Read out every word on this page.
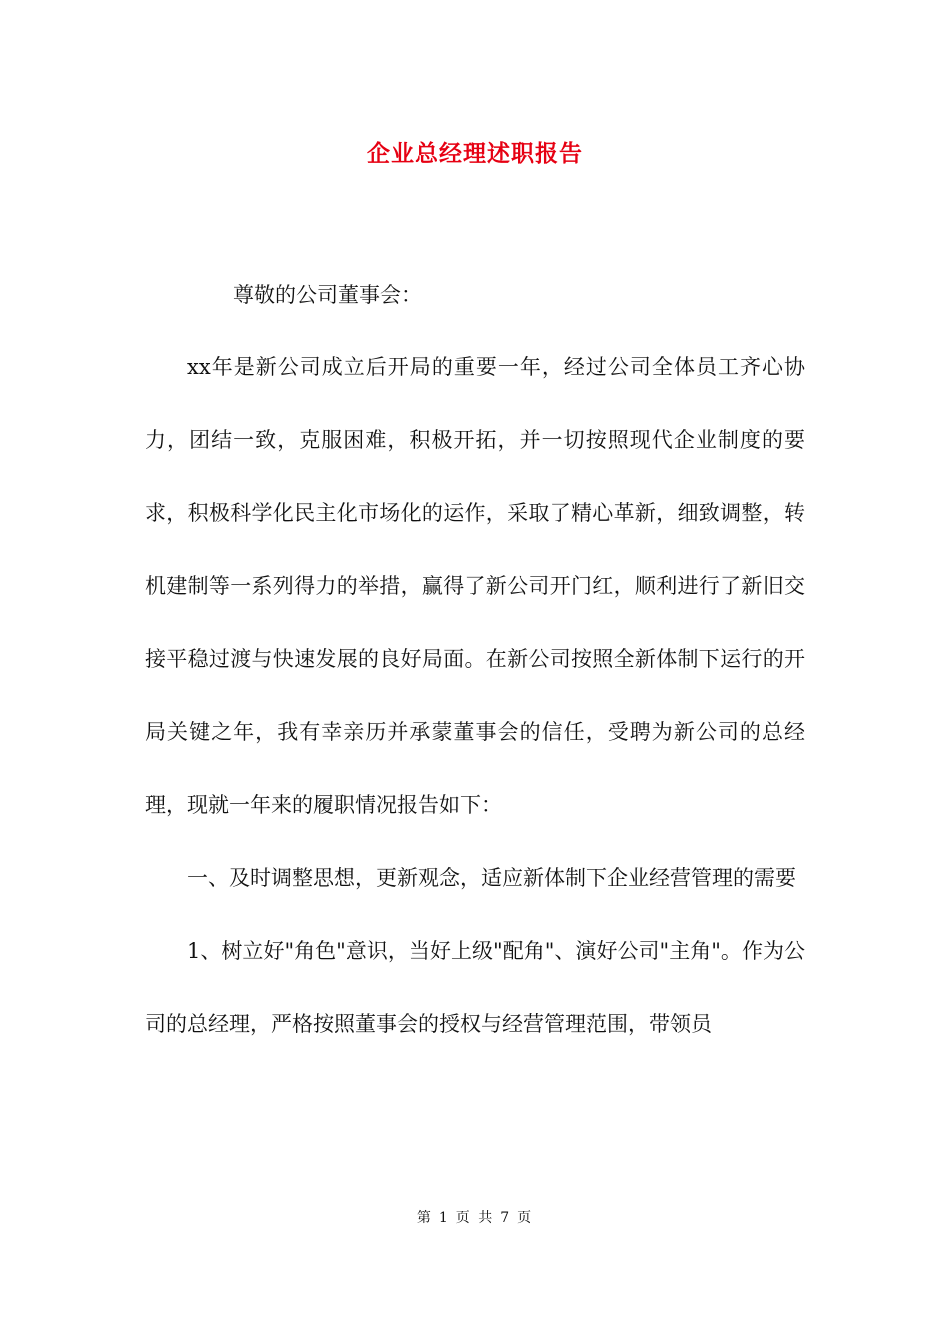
企业总经理述职报告

尊敬的公司董事会：

xx年是新公司成立后开局的重要一年，经过公司全体员工齐心协力，团结一致，克服困难，积极开拓，并一切按照现代企业制度的要求，积极科学化民主化市场化的运作，采取了精心革新，细致调整，转机建制等一系列得力的举措，赢得了新公司开门红，顺利进行了新旧交接平稳过渡与快速发展的良好局面。在新公司按照全新体制下运行的开局关键之年，我有幸亲历并承蒙董事会的信任，受聘为新公司的总经理，现就一年来的履职情况报告如下：

一、及时调整思想，更新观念，适应新体制下企业经营管理的需要

1、树立好"角色"意识，当好上级"配角"、演好公司"主角"。作为公司的总经理，严格按照董事会的授权与经营管理范围，带领员

第 1 页 共 7 页
